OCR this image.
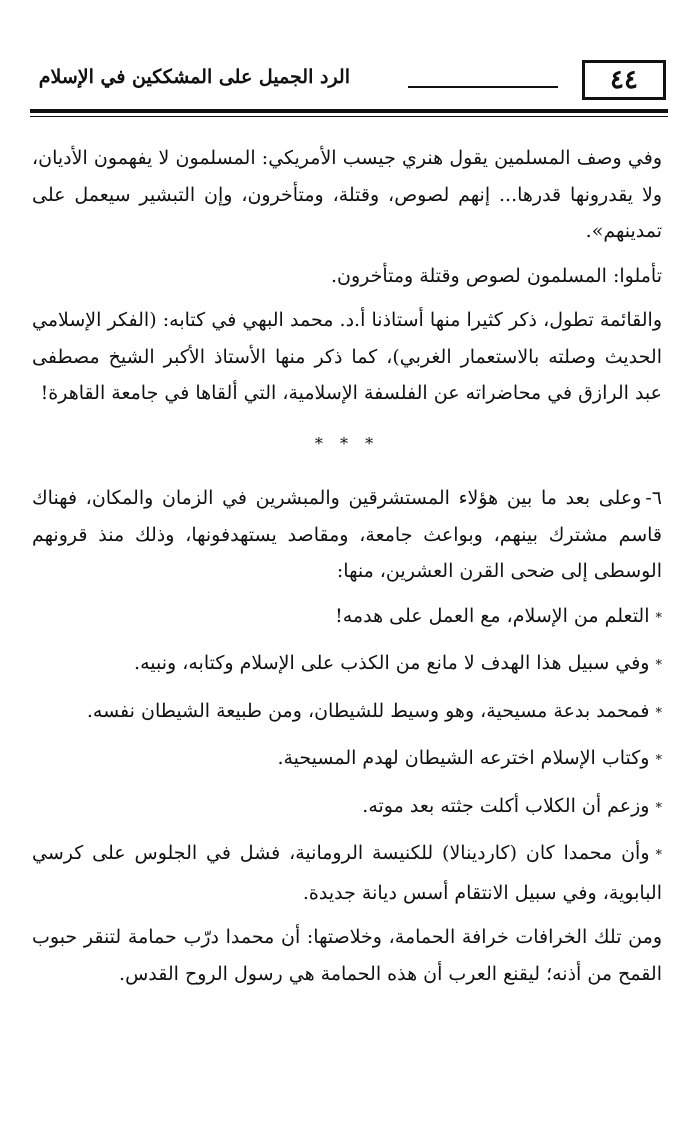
٤٤
الرد الجميل على المشككين في الإسلام

وفي وصف المسلمين يقول هنري جيسب الأمريكي: المسلمون لا يفهمون الأديان، ولا يقدرونها قدرها... إنهم لصوص، وقتلة، ومتأخرون، وإن التبشير سيعمل على تمدينهم».

تأملوا: المسلمون لصوص وقتلة ومتأخرون.

والقائمة تطول، ذكر كثيرا منها أستاذنا أ.د. محمد البهي في كتابه: (الفكر الإسلامي الحديث وصلته بالاستعمار الغربي)، كما ذكر منها الأستاذ الأكبر الشيخ مصطفى عبد الرازق في محاضراته عن الفلسفة الإسلامية، التي ألقاها في جامعة القاهرة!

* * *

٦-وعلى بعد ما بين هؤلاء المستشرقين والمبشرين في الزمان والمكان، فهناك قاسم مشترك بينهم، وبواعث جامعة، ومقاصد يستهدفونها، وذلك منذ قرونهم الوسطى إلى ضحى القرن العشرين، منها:

*التعلم من الإسلام، مع العمل على هدمه!

*وفي سبيل هذا الهدف لا مانع من الكذب على الإسلام وكتابه، ونبيه.

*فمحمد بدعة مسيحية، وهو وسيط للشيطان، ومن طبيعة الشيطان نفسه.

*وكتاب الإسلام اخترعه الشيطان لهدم المسيحية.

*وزعم أن الكلاب أكلت جثته بعد موته.

*وأن محمدا كان (كاردينالا) للكنيسة الرومانية، فشل في الجلوس على كرسي البابوية، وفي سبيل الانتقام أسس ديانة جديدة.

ومن تلك الخرافات خرافة الحمامة، وخلاصتها: أن محمدا درّب حمامة لتنقر حبوب القمح من أذنه؛ ليقنع العرب أن هذه الحمامة هي رسول الروح القدس.
